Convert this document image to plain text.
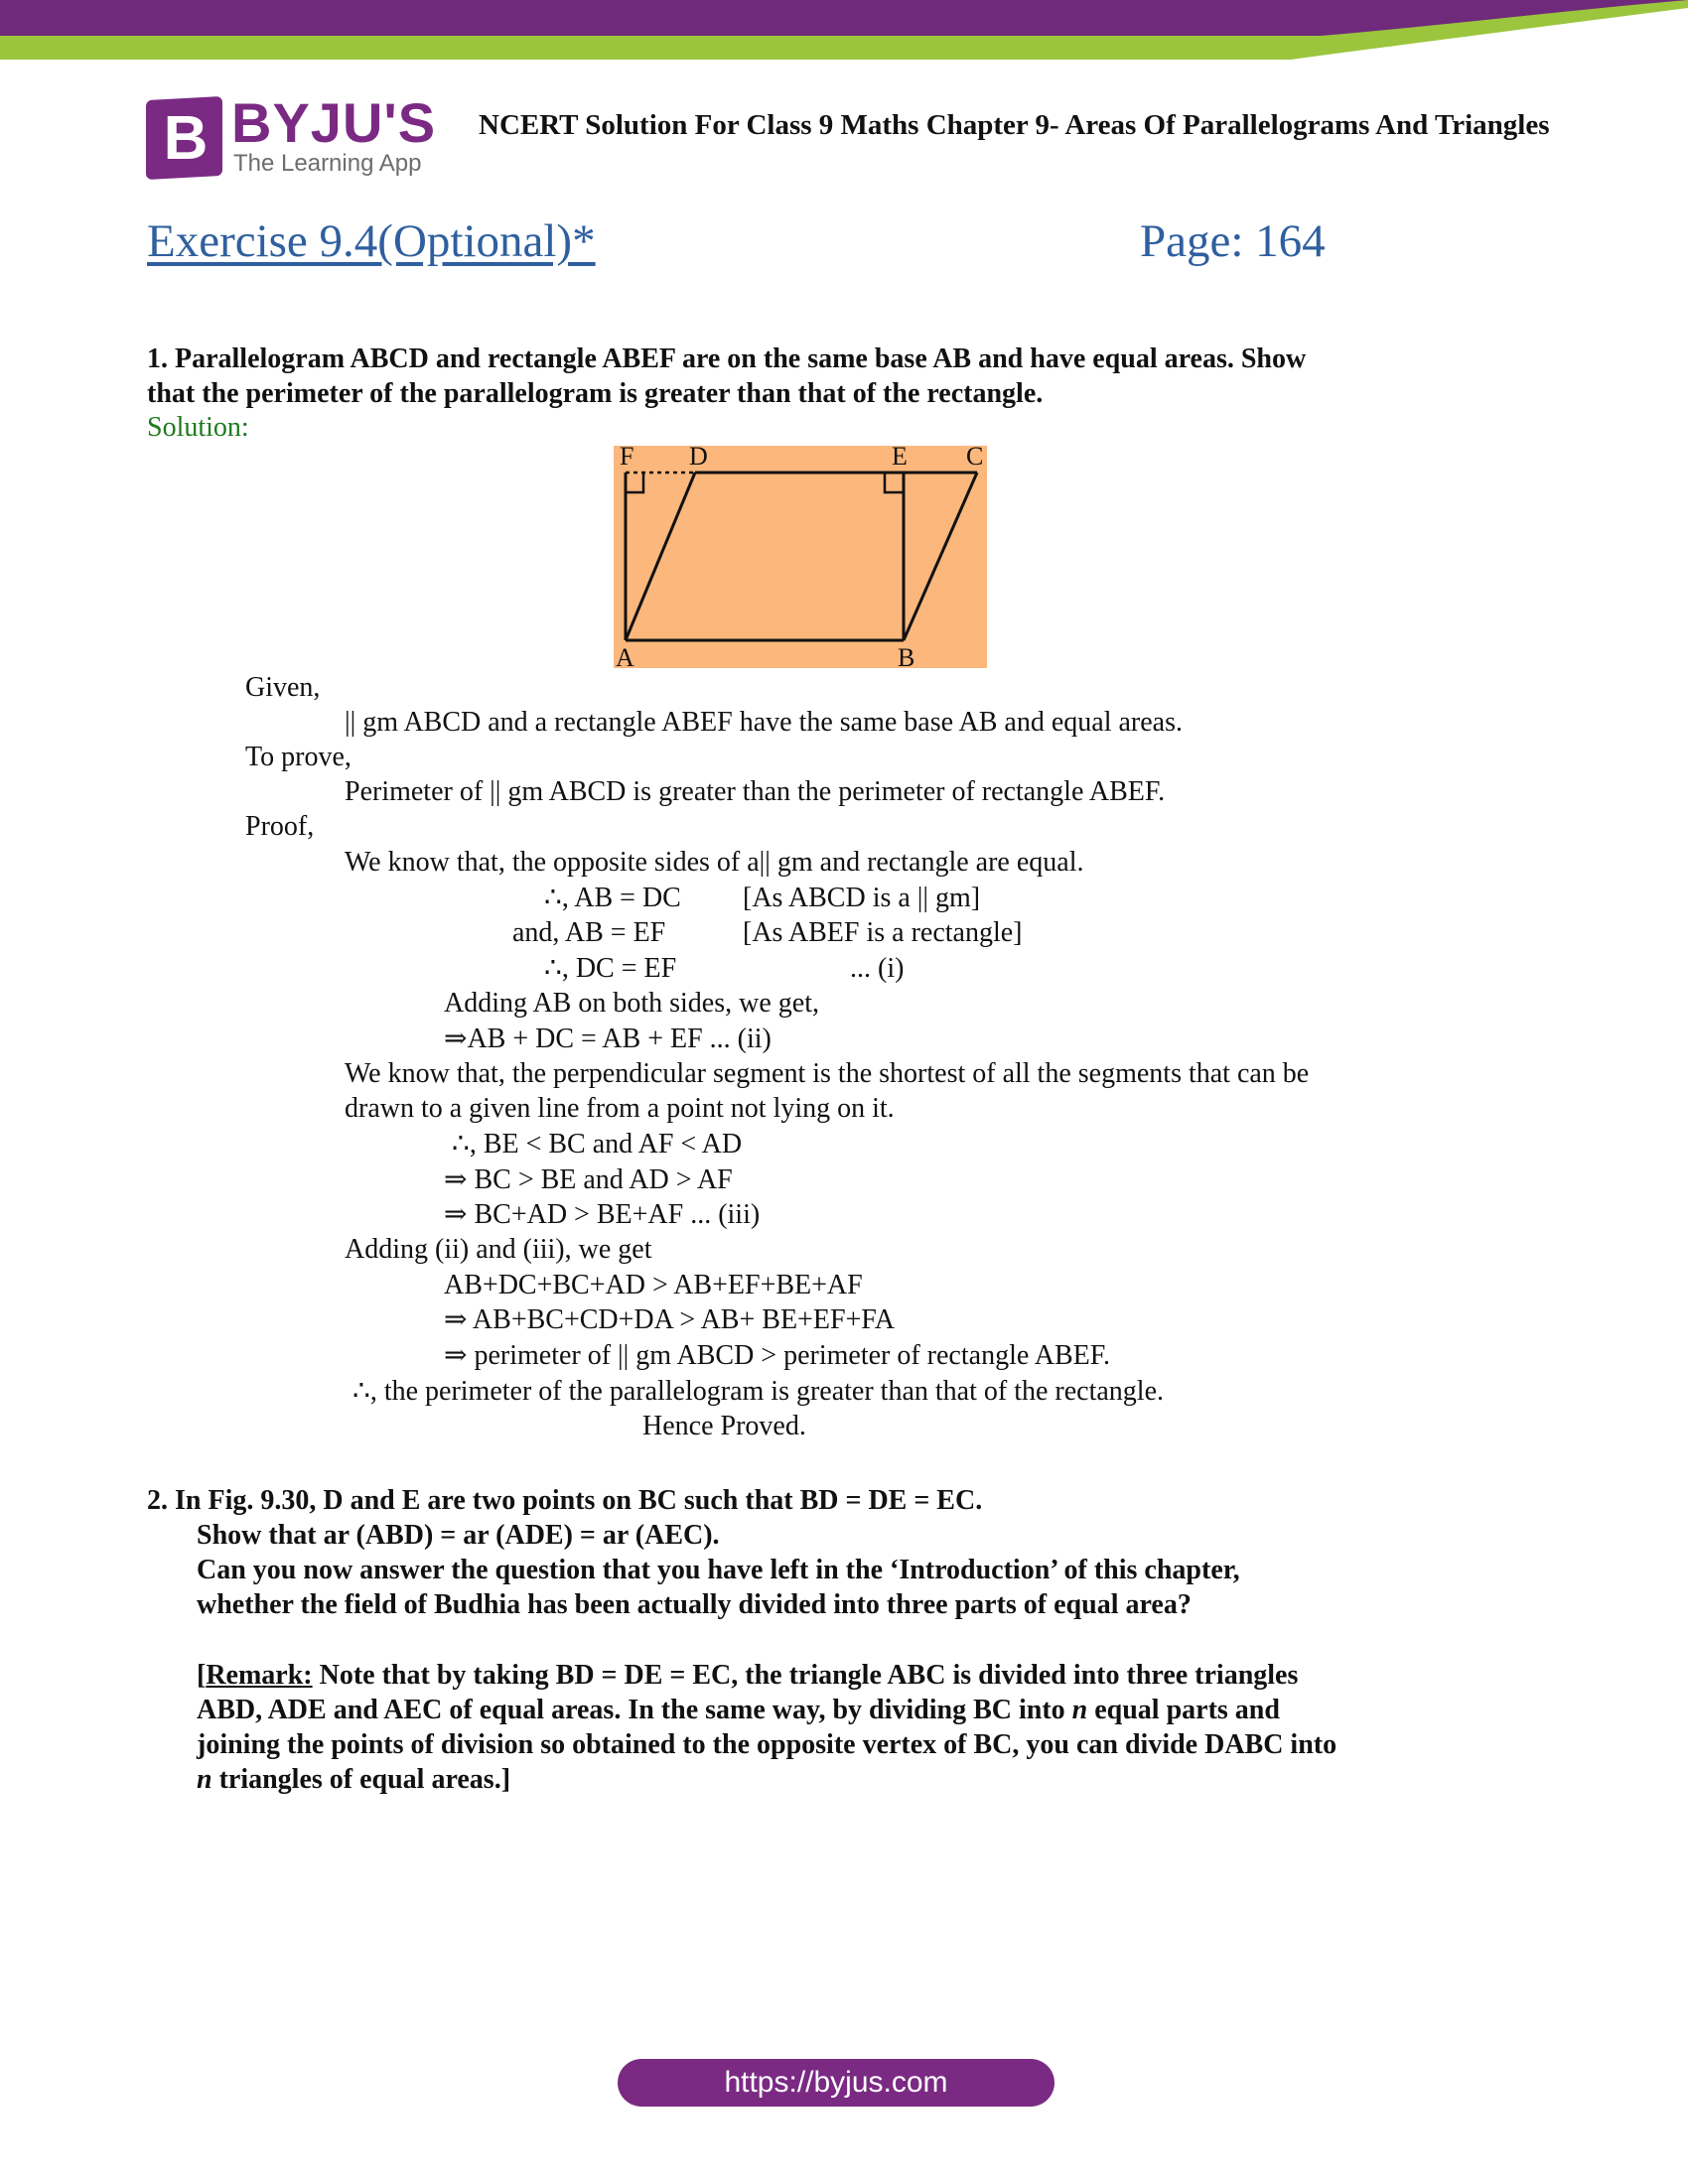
B BYJU'S
The Learning App
NCERT Solution For Class 9 Maths Chapter 9- Areas Of Parallelograms And Triangles
Exercise 9.4(Optional)*	Page: 164
1. Parallelogram ABCD and rectangle ABEF are on the same base AB and have equal areas. Show
that the perimeter of the parallelogram is greater than that of the rectangle.
Solution:
F D	E C
A	B
Given,
|| gm ABCD and a rectangle ABEF have the same base AB and equal areas.
To prove,
Perimeter of || gm ABCD is greater than the perimeter of rectangle ABEF.
Proof,
We know that, the opposite sides of a|| gm and rectangle are equal.
∴, AB = DC [As ABCD is a || gm]
and, AB = EF	[As ABEF is a rectangle]
∴, DC = EF	... (i)
Adding AB on both sides, we get,
⇒AB + DC = AB + EF ... (ii)
We know that, the perpendicular segment is the shortest of all the segments that can be
drawn to a given line from a point not lying on it.
∴, BE < BC and AF < AD
⇒ BC > BE and AD > AF
⇒ BC+AD > BE+AF ... (iii)
Adding (ii) and (iii), we get
AB+DC+BC+AD > AB+EF+BE+AF
⇒ AB+BC+CD+DA > AB+ BE+EF+FA
⇒ perimeter of || gm ABCD > perimeter of rectangle ABEF.
∴, the perimeter of the parallelogram is greater than that of the rectangle.
Hence Proved.
2. In Fig. 9.30, D and E are two points on BC such that BD = DE = EC.
Show that ar (ABD) = ar (ADE) = ar (AEC).
Can you now answer the question that you have left in the ‘Introduction’ of this chapter,
whether the field of Budhia has been actually divided into three parts of equal area?
[Remark: Note that by taking BD = DE = EC, the triangle ABC is divided into three triangles
ABD, ADE and AEC of equal areas. In the same way, by dividing BC into n equal parts and
joining the points of division so obtained to the opposite vertex of BC, you can divide DABC into
n triangles of equal areas.]
https://byjus.com
